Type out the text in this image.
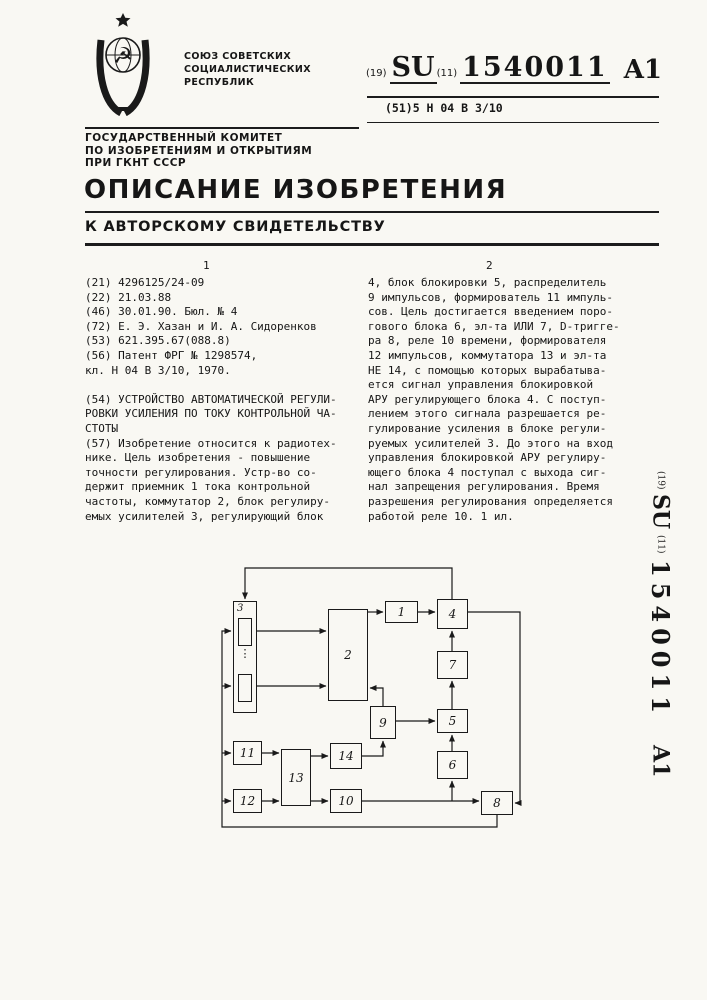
☭	СОЮЗ СОВЕТСКИХ
СОЦИАЛИСТИЧЕСКИХ
РЕСПУБЛИК
(19) SU (11) 1540011 A1
(51)5 H 04 B 3/10
ГОСУДАРСТВЕННЫЙ КОМИТЕТ
ПО ИЗОБРЕТЕНИЯМ И ОТКРЫТИЯМ
ПРИ ГКНТ СССР
ОПИСАНИЕ ИЗОБРЕТЕНИЯ
К АВТОРСКОМУ СВИДЕТЕЛЬСТВУ
1	2
(21) 4296125/24-09
(22) 21.03.88
(46) 30.01.90. Бюл. № 4
(72) Е. Э. Хазан и И. А. Сидоренков
(53) 621.395.67(088.8)
(56) Патент ФРГ № 1298574,
кл. H 04 B 3/10, 1970.

(54) УСТРОЙСТВО АВТОМАТИЧЕСКОЙ РЕГУЛИ-
РОВКИ УСИЛЕНИЯ ПО ТОКУ КОНТРОЛЬНОЙ ЧА-
СТОТЫ
(57) Изобретение относится к радиотех-
нике. Цель изобретения - повышение
точности регулирования. Устр-во со-
держит приемник 1 тока контрольной
частоты, коммутатор 2, блок регулиру-
емых усилителей 3, регулирующий блок
4, блок блокировки 5, распределитель
9 импульсов, формирователь 11 импуль-
сов. Цель достигается введением поро-
гового блока 6, эл-та ИЛИ 7, D-тригге-
ра 8, реле 10 времени, формирователя
12 импульсов, коммутатора 13 и эл-та
НЕ 14, с помощью которых вырабатыва-
ется сигнал управления блокировкой
АРУ регулирующего блока 4. С поступ-
лением этого сигнала разрешается ре-
гулирование усиления в блоке регули-
руемых усилителей 3. До этого на вход
управления блокировкой АРУ регулиру-
ющего блока 4 поступал с выхода сиг-
нал запрещения регулирования. Время
разрешения регулирования определяется
работой реле 10. 1 ил.
(19)
SU
(11)
1540011
A1
3
⋮	2
1	4
7
5
9
6
11	14
13
12	10	8
